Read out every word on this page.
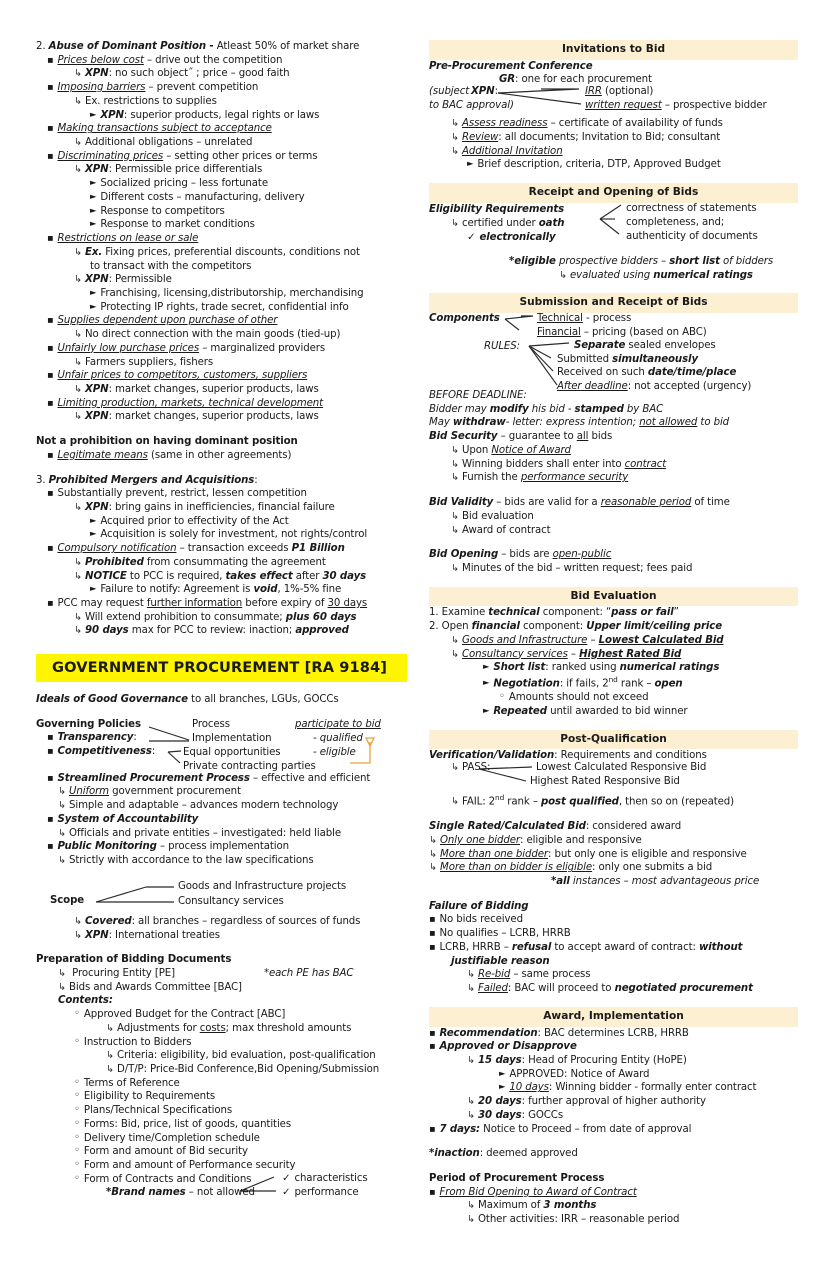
2. Abuse of Dominant Position - Atleast 50% of market share
▪ Prices below cost – drive out the competition
↳ XPN: no such object˝ ; price – good faith
▪ Imposing barriers – prevent competition
↳ Ex. restrictions to supplies
► XPN: superior products, legal rights or laws
▪ Making transactions subject to acceptance
↳ Additional obligations – unrelated
▪ Discriminating prices – setting other prices or terms
↳ XPN: Permissible price differentials
► Socialized pricing – less fortunate
► Different costs – manufacturing, delivery
► Response to competitors
► Response to market conditions
▪ Restrictions on lease or sale
↳ Ex. Fixing prices, preferential discounts, conditions not
to transact with the competitors
↳ XPN: Permissible
► Franchising, licensing,distributorship, merchandising
► Protecting IP rights, trade secret, confidential info
▪ Supplies dependent upon purchase of other
↳ No direct connection with the main goods (tied-up)
▪ Unfairly low purchase prices – marginalized providers
↳ Farmers suppliers, fishers
▪ Unfair prices to competitors, customers, suppliers
↳ XPN: market changes, superior products, laws
▪ Limiting production, markets, technical development
↳ XPN: market changes, superior products, laws
Not a prohibition on having dominant position
▪ Legitimate means (same in other agreements)
3. Prohibited Mergers and Acquisitions:
▪ Substantially prevent, restrict, lessen competition
↳ XPN: bring gains in inefficiencies, financial failure
► Acquired prior to effectivity of the Act
► Acquisition is solely for investment, not rights/control
▪ Compulsory notification – transaction exceeds P1 Billion
↳ Prohibited from consummating the agreement
↳ NOTICE to PCC is required, takes effect after 30 days
► Failure to notify: Agreement is void, 1%-5% fine
▪ PCC may request further information before expiry of 30 days
↳ Will extend prohibition to consummate; plus 60 days
↳ 90 days max for PCC to review: inaction; approved
GOVERNMENT PROCUREMENT [RA 9184]
Ideals of Good Governance to all branches, LGUs, GOCCs
Governing Policies
▪ Transparency:
▪ Competitiveness:
Process
Implementation
Equal opportunities
Private contracting parties
participate to bid
- qualified
- eligible
▪ Streamlined Procurement Process – effective and efficient
↳ Uniform government procurement
↳ Simple and adaptable – advances modern technology
▪ System of Accountability
↳ Officials and private entities – investigated: held liable
▪ Public Monitoring – process implementation
↳ Strictly with accordance to the law specifications
Scope
Goods and Infrastructure projects
Consultancy services
↳ Covered: all branches – regardless of sources of funds
↳ XPN: International treaties
Preparation of Bidding Documents
↳ Procuring Entity [PE]	*each PE has BAC
↳ Bids and Awards Committee [BAC]
Contents:
◦ Approved Budget for the Contract [ABC]
↳ Adjustments for costs; max threshold amounts
◦ Instruction to Bidders
↳ Criteria: eligibility, bid evaluation, post-qualification
↳ D/T/P: Price-Bid Conference,Bid Opening/Submission
◦ Terms of Reference
◦ Eligibility to Requirements
◦ Plans/Technical Specifications
◦ Forms: Bid, price, list of goods, quantities
◦ Delivery time/Completion schedule
◦ Form and amount of Bid security
◦ Form and amount of Performance security
◦ Form of Contracts and Conditions
*Brand names – not allowed
✓ characteristics
✓ performance
Invitations to Bid
Pre-Procurement Conference
GR: one for each procurement
(subject
to BAC approval)
XPN:	IRR (optional)
written request – prospective bidder
↳ Assess readiness – certificate of availability of funds
↳ Review: all documents; Invitation to Bid; consultant
↳ Additional Invitation
► Brief description, criteria, DTP, Approved Budget
Receipt and Opening of Bids
Eligibility Requirements
↳ certified under oath
✓ electronically
correctness of statements
completeness, and;
authenticity of documents
*eligible prospective bidders – short list of bidders
↳ evaluated using numerical ratings
Submission and Receipt of Bids
Components	Technical - process
Financial – pricing (based on ABC)
RULES:	Separate sealed envelopes
Submitted simultaneously
Received on such date/time/place
After deadline: not accepted (urgency)
BEFORE DEADLINE:
Bidder may modify his bid - stamped by BAC
May withdraw- letter: express intention; not allowed to bid
Bid Security – guarantee to all bids
↳ Upon Notice of Award
↳ Winning bidders shall enter into contract
↳ Furnish the performance security
Bid Validity – bids are valid for a reasonable period of time
↳ Bid evaluation
↳ Award of contract
Bid Opening – bids are open-public
↳ Minutes of the bid – written request; fees paid
Bid Evaluation
1. Examine technical component: “pass or fail”
2. Open financial component: Upper limit/ceiling price
↳ Goods and Infrastructure – Lowest Calculated Bid
↳ Consultancy services – Highest Rated Bid
► Short list: ranked using numerical ratings
► Negotiation: if fails, 2nd rank – open
◦ Amounts should not exceed
► Repeated until awarded to bid winner
Post-Qualification
Verification/Validation: Requirements and conditions
↳ PASS:	Lowest Calculated Responsive Bid
Highest Rated Responsive Bid
↳ FAIL: 2nd rank – post qualified, then so on (repeated)
Single Rated/Calculated Bid: considered award
↳ Only one bidder: eligible and responsive
↳ More than one bidder: but only one is eligible and responsive
↳ More than on bidder is eligible: only one submits a bid
*all instances – most advantageous price
Failure of Bidding
▪ No bids received
▪ No qualifies – LCRB, HRRB
▪ LCRB, HRRB – refusal to accept award of contract: without
justifiable reason
↳ Re-bid – same process
↳ Failed: BAC will proceed to negotiated procurement
Award, Implementation
▪ Recommendation: BAC determines LCRB, HRRB
▪ Approved or Disapprove
↳ 15 days: Head of Procuring Entity (HoPE)
► APPROVED: Notice of Award
► 10 days: Winning bidder - formally enter contract
↳ 20 days: further approval of higher authority
↳ 30 days: GOCCs
▪ 7 days: Notice to Proceed – from date of approval
*inaction: deemed approved
Period of Procurement Process
▪ From Bid Opening to Award of Contract
↳ Maximum of 3 months
↳ Other activities: IRR – reasonable period
